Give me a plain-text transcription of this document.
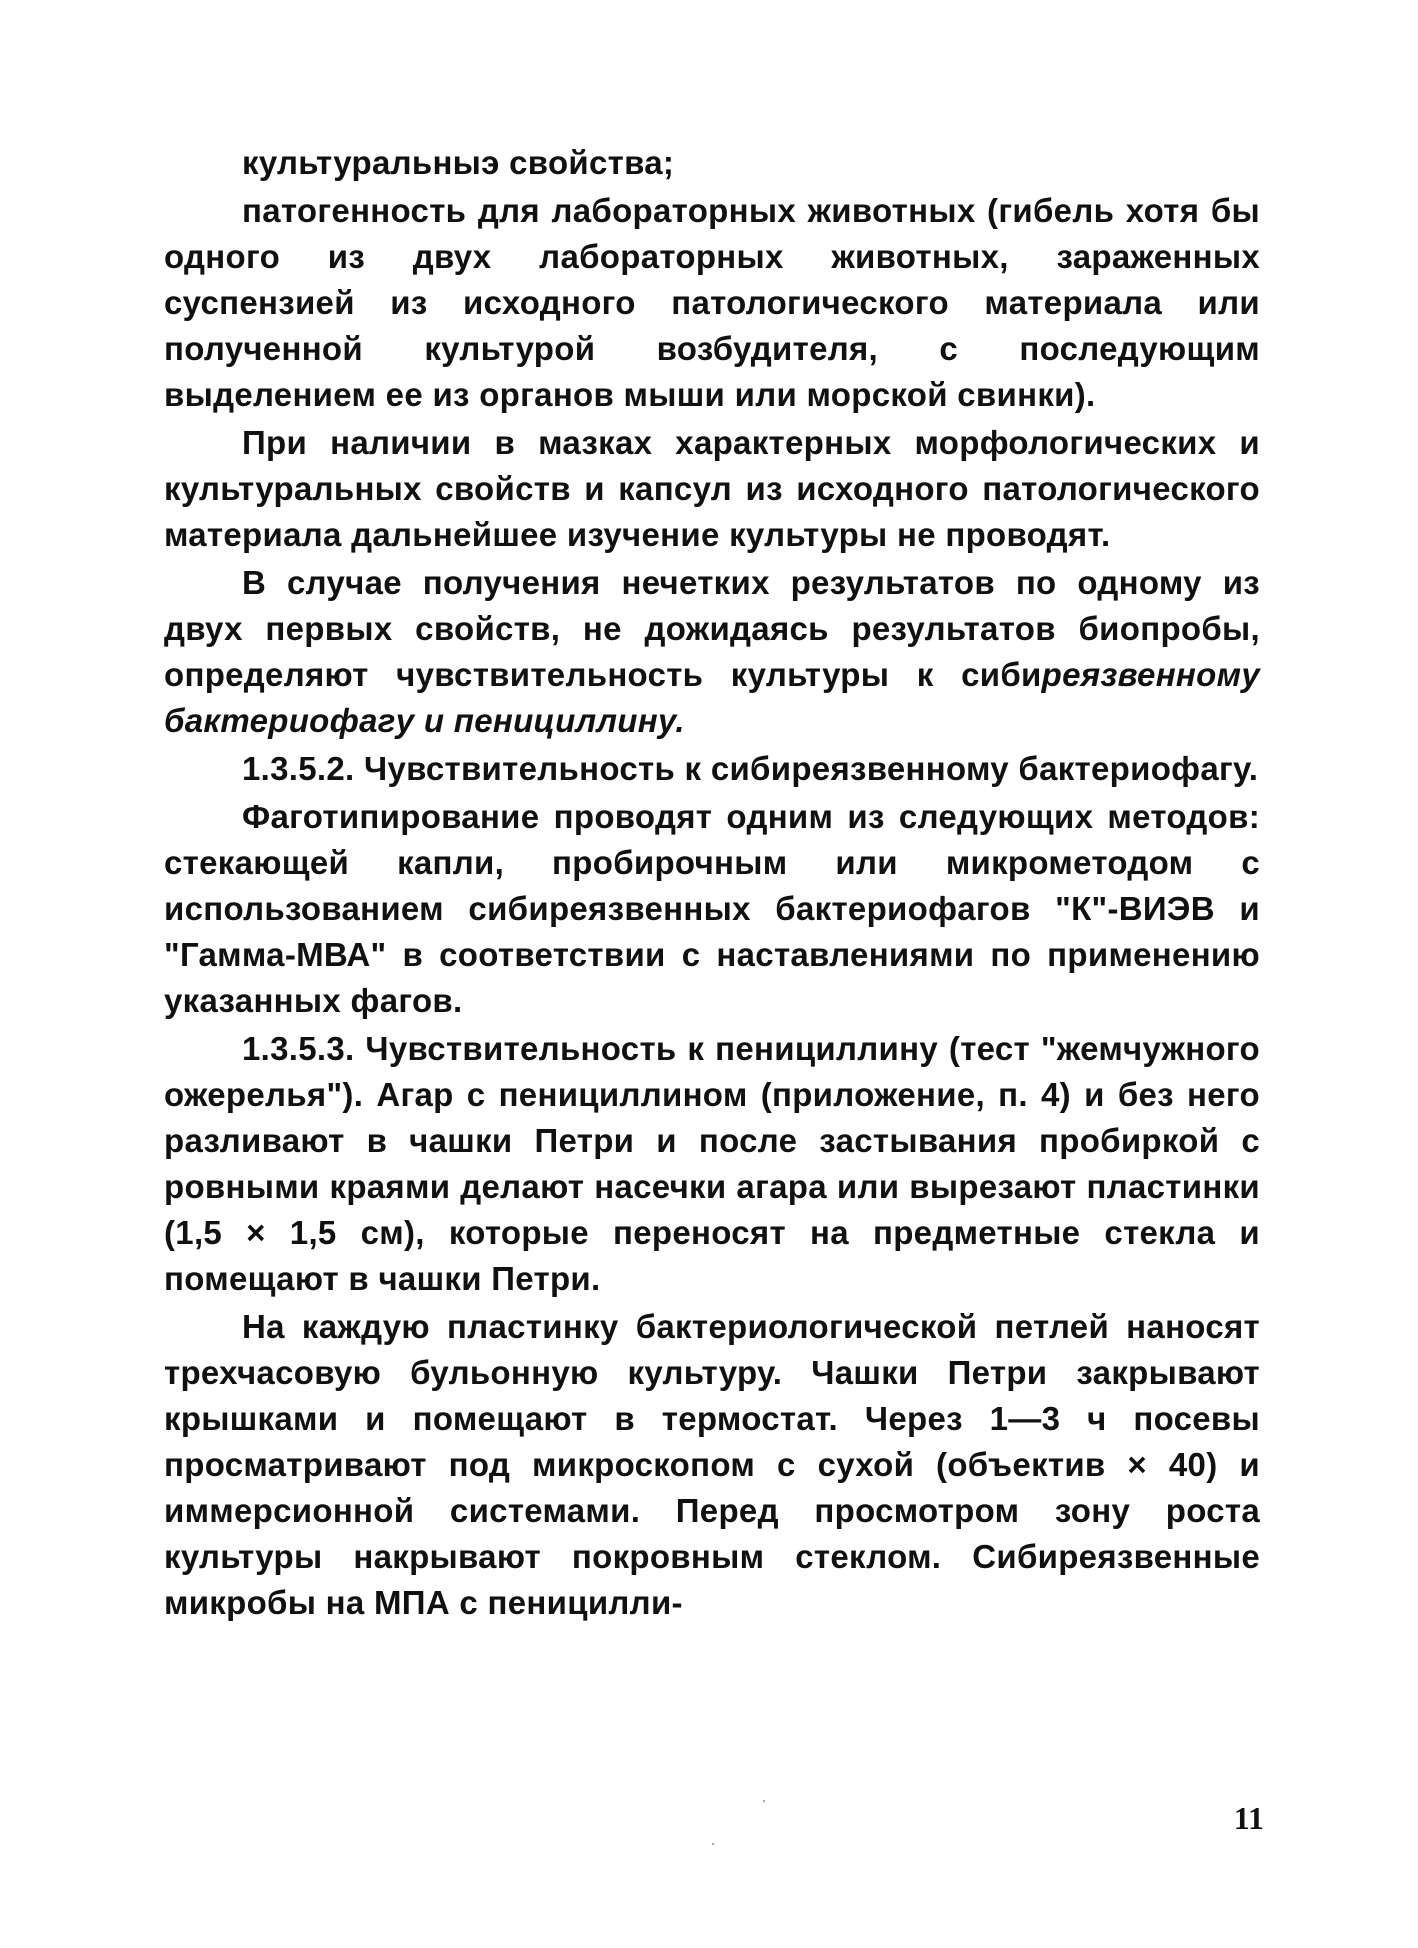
культуральныэ свойства;

патогенность для лабораторных животных (гибель хотя бы одного из двух лабораторных животных, зараженных суспензией из исходного патологического материала или полученной культурой возбудителя, с последующим выделением ее из органов мыши или морской свинки).

При наличии в мазках характерных морфологических и культуральных свойств и капсул из исходного патологического материала дальнейшее изучение культуры не проводят.

В случае получения нечетких результатов по одному из двух первых свойств, не дожидаясь результатов биопробы, определяют чувствительность культуры к сибиреязвенному бактериофагу и пенициллину.

1.3.5.2. Чувствительность к сибиреязвенному бактериофагу.

Фаготипирование проводят одним из следующих методов: стекающей капли, пробирочным или микрометодом с использованием сибиреязвенных бактериофагов "К"-ВИЭВ и "Гамма-МВА" в соответствии с наставлениями по применению указанных фагов.

1.3.5.3. Чувствительность к пенициллину (тест "жемчужного ожерелья"). Агар с пенициллином (приложение, п. 4) и без него разливают в чашки Петри и после застывания пробиркой с ровными краями делают насечки агара или вырезают пластинки (1,5 × 1,5 см), которые переносят на предметные стекла и помещают в чашки Петри.

На каждую пластинку бактериологической петлей наносят трехчасовую бульонную культуру. Чашки Петри закрывают крышками и помещают в термостат. Через 1—3 ч посевы просматривают под микроскопом с сухой (объектив × 40) и иммерсионной системами. Перед просмотром зону роста культуры накрывают покровным стеклом. Сибиреязвенные микробы на МПА с пеницилли-

11
